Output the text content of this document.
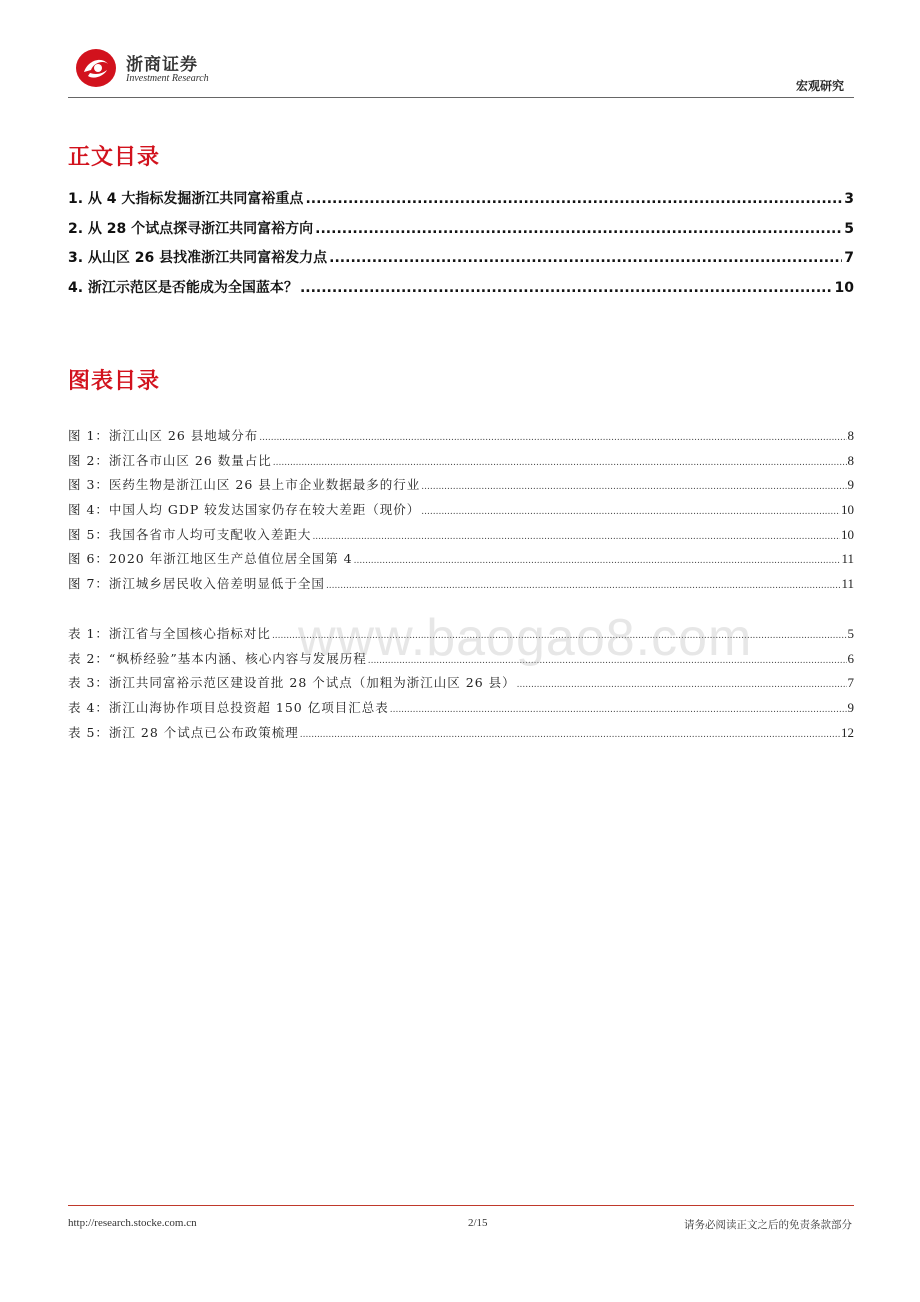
浙商证券
Investment Research
宏观研究
正文目录
1. 从 4 大指标发掘浙江共同富裕重点 .....	3
2. 从 28 个试点探寻浙江共同富裕方向 .....	5
3. 从山区 26 县找准浙江共同富裕发力点 .....	7
4. 浙江示范区是否能成为全国蓝本？ .....	10
图表目录
图 1：浙江山区 26 县地域分布 .....	8
图 2：浙江各市山区 26 数量占比 .....	8
图 3：医药生物是浙江山区 26 县上市企业数据最多的行业 .....	9
图 4：中国人均 GDP 较发达国家仍存在较大差距（现价） .....	10
图 5：我国各省市人均可支配收入差距大 .....	10
图 6：2020 年浙江地区生产总值位居全国第 4 .....	11
图 7：浙江城乡居民收入倍差明显低于全国 .....	11
表 1：浙江省与全国核心指标对比 .....	5
表 2：“枫桥经验”基本内涵、核心内容与发展历程 .....	6
表 3：浙江共同富裕示范区建设首批 28 个试点（加粗为浙江山区 26 县） .....	7
表 4：浙江山海协作项目总投资超 150 亿项目汇总表 .....	9
表 5：浙江 28 个试点已公布政策梳理 .....	12
www.baogao8.com
http://research.stocke.com.cn	2/15	请务必阅读正文之后的免责条款部分
